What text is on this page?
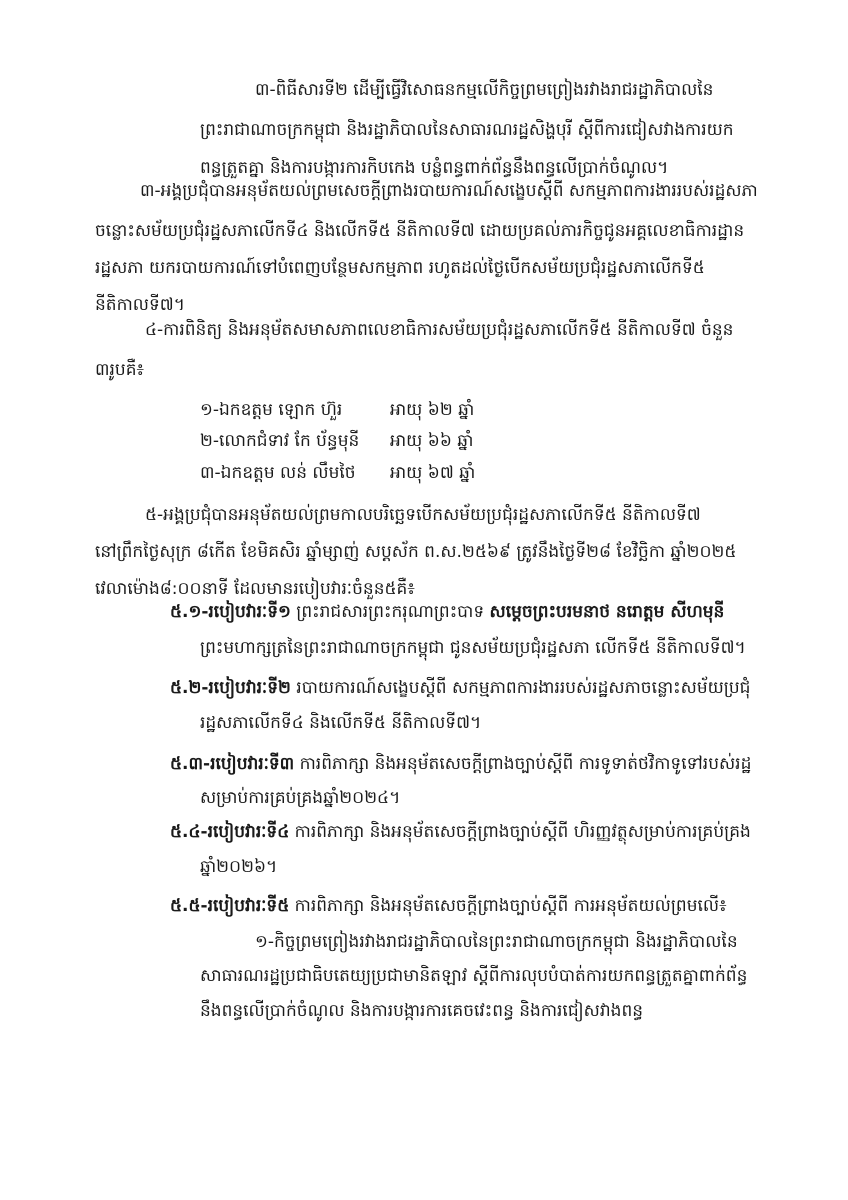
៣-ពិធីសារទី២ ដើម្បីធ្វើវិសោធនកម្មលើកិច្ចព្រមព្រៀងរវាងរាជរដ្ឋាភិបាលនៃ
ព្រះរាជាណាចក្រកម្ពុជា និងរដ្ឋាភិបាលនៃសាធារណរដ្ឋសិង្ហបុរី ស្តីពីការជៀសវាងការយក
ពន្ធត្រួតគ្នា និងការបង្ការការកិបកេង បន្លំពន្ធពាក់ព័ន្ធនឹងពន្ធលើប្រាក់ចំណូល។
៣-អង្គប្រជុំបានអនុម័តយល់ព្រមសេចក្តីព្រាងរបាយការណ៍សង្ខេបស្តីពី សកម្មភាពការងាររបស់រដ្ឋសភា
ចន្លោះសម័យប្រជុំរដ្ឋសភាលើកទី៤ និងលើកទី៥ នីតិកាលទី៧ ដោយប្រគល់ភារកិច្ចជូនអគ្គលេខាធិការដ្ឋាន
រដ្ឋសភា យករបាយការណ៍ទៅបំពេញបន្ថែមសកម្មភាព រហូតដល់ថ្ងៃបើកសម័យប្រជុំរដ្ឋសភាលើកទី៥
នីតិកាលទី៧។
៤-ការពិនិត្យ និងអនុម័តសមាសភាពលេខាធិការសម័យប្រជុំរដ្ឋសភាលើកទី៥ នីតិកាលទី៧ ចំនួន
៣រូបគឺ៖
១-ឯកឧត្តម ឡោក ហ៊ួរ	អាយុ ៦២ ឆ្នាំ
២-លោកជំទាវ កែ ប័ន្ធមុនី	អាយុ ៦៦ ឆ្នាំ
៣-ឯកឧត្តម លន់ លឹមថៃ	អាយុ ៦៧ ឆ្នាំ
៥-អង្គប្រជុំបានអនុម័តយល់ព្រមកាលបរិច្ឆេទបើកសម័យប្រជុំរដ្ឋសភាលើកទី៥ នីតិកាលទី៧
នៅព្រឹកថ្ងៃសុក្រ ៨កើត ខែមិគសិរ ឆ្នាំម្សាញ់ សប្តស័ក ព.ស.២៥៦៩ ត្រូវនឹងថ្ងៃទី២៨ ខែវិច្ឆិកា ឆ្នាំ២០២៥
វេលាម៉ោង៨:០០នាទី ដែលមានរបៀបវារៈចំនួន៥គឺ៖
៥.១-របៀបវារៈទី១ ព្រះរាជសារព្រះករុណាព្រះបាទ សម្តេចព្រះបរមនាថ នរោត្តម សីហមុនី
ព្រះមហាក្សត្រនៃព្រះរាជាណាចក្រកម្ពុជា ជូនសម័យប្រជុំរដ្ឋសភា លើកទី៥ នីតិកាលទី៧។
៥.២-របៀបវារៈទី២ របាយការណ៍សង្ខេបស្តីពី សកម្មភាពការងាររបស់រដ្ឋសភាចន្លោះសម័យប្រជុំ
រដ្ឋសភាលើកទី៤ និងលើកទី៥ នីតិកាលទី៧។
៥.៣-របៀបវារៈទី៣ ការពិភាក្សា និងអនុម័តសេចក្តីព្រាងច្បាប់ស្តីពី ការទូទាត់ថវិកាទូទៅរបស់រដ្ឋ
សម្រាប់ការគ្រប់គ្រងឆ្នាំ២០២៤។
៥.៤-របៀបវារៈទី៤ ការពិភាក្សា និងអនុម័តសេចក្តីព្រាងច្បាប់ស្តីពី ហិរញ្ញវត្ថុសម្រាប់ការគ្រប់គ្រង
ឆ្នាំ២០២៦។
៥.៥-របៀបវារៈទី៥ ការពិភាក្សា និងអនុម័តសេចក្តីព្រាងច្បាប់ស្តីពី ការអនុម័តយល់ព្រមលើ៖
១-កិច្ចព្រមព្រៀងរវាងរាជរដ្ឋាភិបាលនៃព្រះរាជាណាចក្រកម្ពុជា និងរដ្ឋាភិបាលនៃ
សាធារណរដ្ឋប្រជាធិបតេយ្យប្រជាមានិតឡាវ ស្តីពីការលុបបំបាត់ការយកពន្ធត្រួតគ្នាពាក់ព័ន្ធ
នឹងពន្ធលើប្រាក់ចំណូល និងការបង្ការការគេចវេះពន្ធ និងការជៀសវាងពន្ធ
